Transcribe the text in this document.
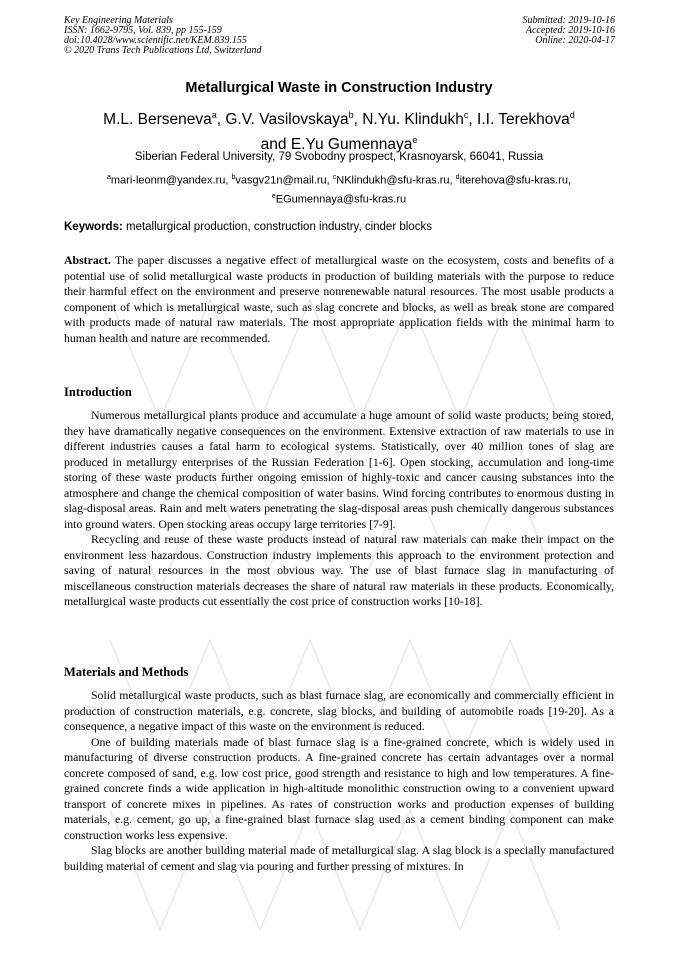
Key Engineering Materials
ISSN: 1662-9795, Vol. 839, pp 155-159
doi:10.4028/www.scientific.net/KEM.839.155
© 2020 Trans Tech Publications Ltd, Switzerland
Submitted: 2019-10-16
Accepted: 2019-10-16
Online: 2020-04-17
Metallurgical Waste in Construction Industry
M.L. Berseneva$^a$, G.V. Vasilovskaya$^b$, N.Yu. Klindukh$^c$, I.I. Terekhova$^d$
and E.Yu Gumennaya$^e$
Siberian Federal University, 79 Svobodny prospect, Krasnoyarsk, 66041, Russia
$^a$mari-leonm@yandex.ru, $^b$vasgv21n@mail.ru, $^c$NKlindukh@sfu-kras.ru, $^d$iterehova@sfu-kras.ru,
$^e$EGumennaya@sfu-kras.ru
Keywords: metallurgical production, construction industry, cinder blocks

Abstract. The paper discusses a negative effect of metallurgical waste on the ecosystem, costs and benefits of a potential use of solid metallurgical waste products in production of building materials with the purpose to reduce their harmful effect on the environment and preserve nonrenewable natural resources. The most usable products a component of which is metallurgical waste, such as slag concrete and blocks, as well as break stone are compared with products made of natural raw materials. The most appropriate application fields with the minimal harm to human health and nature are recommended.

Introduction

Numerous metallurgical plants produce and accumulate a huge amount of solid waste products; being stored, they have dramatically negative consequences on the environment. Extensive extraction of raw materials to use in different industries causes a fatal harm to ecological systems. Statistically, over 40 million tones of slag are produced in metallurgy enterprises of the Russian Federation [1-6]. Open stocking, accumulation and long-time storing of these waste products further ongoing emission of highly-toxic and cancer causing substances into the atmosphere and change the chemical composition of water basins. Wind forcing contributes to enormous dusting in slag-disposal areas. Rain and melt waters penetrating the slag-disposal areas push chemically dangerous substances into ground waters. Open stocking areas occupy large territories [7-9].

Recycling and reuse of these waste products instead of natural raw materials can make their impact on the environment less hazardous. Construction industry implements this approach to the environment protection and saving of natural resources in the most obvious way. The use of blast furnace slag in manufacturing of miscellaneous construction materials decreases the share of natural raw materials in these products. Economically, metallurgical waste products cut essentially the cost price of construction works [10-18].

Materials and Methods

Solid metallurgical waste products, such as blast furnace slag, are economically and commercially efficient in production of construction materials, e.g. concrete, slag blocks, and building of automobile roads [19-20]. As a consequence, a negative impact of this waste on the environment is reduced.

One of building materials made of blast furnace slag is a fine-grained concrete, which is widely used in manufacturing of diverse construction products. A fine-grained concrete has certain advantages over a normal concrete composed of sand, e.g. low cost price, good strength and resistance to high and low temperatures. A fine-grained concrete finds a wide application in high-altitude monolithic construction owing to a convenient upward transport of concrete mixes in pipelines. As rates of construction works and production expenses of building materials, e.g. cement, go up, a fine-grained blast furnace slag used as a cement binding component can make construction works less expensive.

Slag blocks are another building material made of metallurgical slag. A slag block is a specially manufactured building material of cement and slag via pouring and further pressing of mixtures. In
